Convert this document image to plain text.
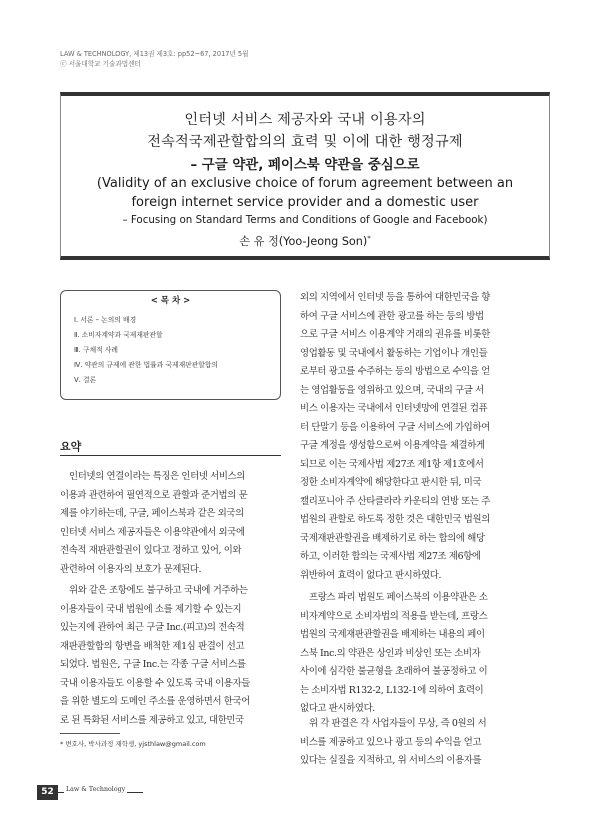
LAW & TECHNOLOGY, 제13권 제3호: pp52~67, 2017년 5월
ⓒ 서울대학교 기술과법센터
인터넷 서비스 제공자와 국내 이용자의
전속적국제관할합의의 효력 및 이에 대한 행정규제
– 구글 약관, 페이스북 약관을 중심으로
(Validity of an exclusive choice of forum agreement between an
foreign internet service provider and a domestic user
– Focusing on Standard Terms and Conditions of Google and Facebook)
손 유 정(Yoo-Jeong Son)*
< 목 차 >
Ⅰ. 서론 – 논의의 배경
Ⅱ. 소비자계약과 국제재판관할
Ⅲ. 구체적 사례
Ⅳ. 약관의 규제에 관한 법률과 국제재판관할합의
Ⅴ. 결론
요약
인터넷의 연결이라는 특징은 인터넷 서비스의
이용과 관련하여 필연적으로 관할과 준거법의 문
제를 야기하는데, 구글, 페이스북과 같은 외국의
인터넷 서비스 제공자들은 이용약관에서 외국에
전속적 재판관할권이 있다고 정하고 있어, 이와
관련하여 이용자의 보호가 문제된다.
위와 같은 조항에도 불구하고 국내에 거주하는
이용자들이 국내 법원에 소를 제기할 수 있는지
있는지에 관하여 최근 구글 Inc.(피고)의 전속적
재판관할합의 항변을 배척한 제1심 판결이 선고
되었다. 법원은, 구글 Inc.는 각종 구글 서비스를
국내 이용자들도 이용할 수 있도록 국내 이용자들
을 위한 별도의 도메인 주소를 운영하면서 한국어
로 된 특화된 서비스를 제공하고 있고, 대한민국
외의 지역에서 인터넷 등을 통하여 대한민국을 향
하여 구글 서비스에 관한 광고를 하는 등의 방법
으로 구글 서비스 이용계약 거래의 권유를 비롯한
영업활동 및 국내에서 활동하는 기업이나 개인들
로부터 광고를 수주하는 등의 방법으로 수익을 얻
는 영업활동을 영위하고 있으며, 국내의 구글 서
비스 이용자는 국내에서 인터넷망에 연결된 컴퓨
터 단말기 등을 이용하여 구글 서비스에 가입하여
구글 계정을 생성함으로써 이용계약을 체결하게
되므로 이는 국제사법 제27조 제1항 제1호에서
정한 소비자계약에 해당한다고 판시한 뒤, 미국
캘리포니아 주 산타클라라 카운티의 연방 또는 주
법원의 관할로 하도록 정한 것은 대한민국 법원의
국제재판관할권을 배제하기로 하는 합의에 해당
하고, 이러한 합의는 국제사법 제27조 제6항에
위반하여 효력이 없다고 판시하였다.
프랑스 파리 법원도 페이스북의 이용약관은 소
비자계약으로 소비자법의 적용을 받는데, 프랑스
법원의 국제재판관할권을 배제하는 내용의 페이
스북 Inc.의 약관은 상인과 비상인 또는 소비자
사이에 심각한 불균형을 초래하여 불공정하고 이
는 소비자법 R132-2, L132-1에 의하여 효력이
없다고 판시하였다.
위 각 판결은 각 사업자들이 무상, 즉 0원의 서
비스를 제공하고 있으나 광고 등의 수익을 얻고
있다는 실질을 지적하고, 위 서비스의 이용자를
* 변호사, 박사과정 재학생, yjsthlaw@gmail.com
52	Law & Technology
